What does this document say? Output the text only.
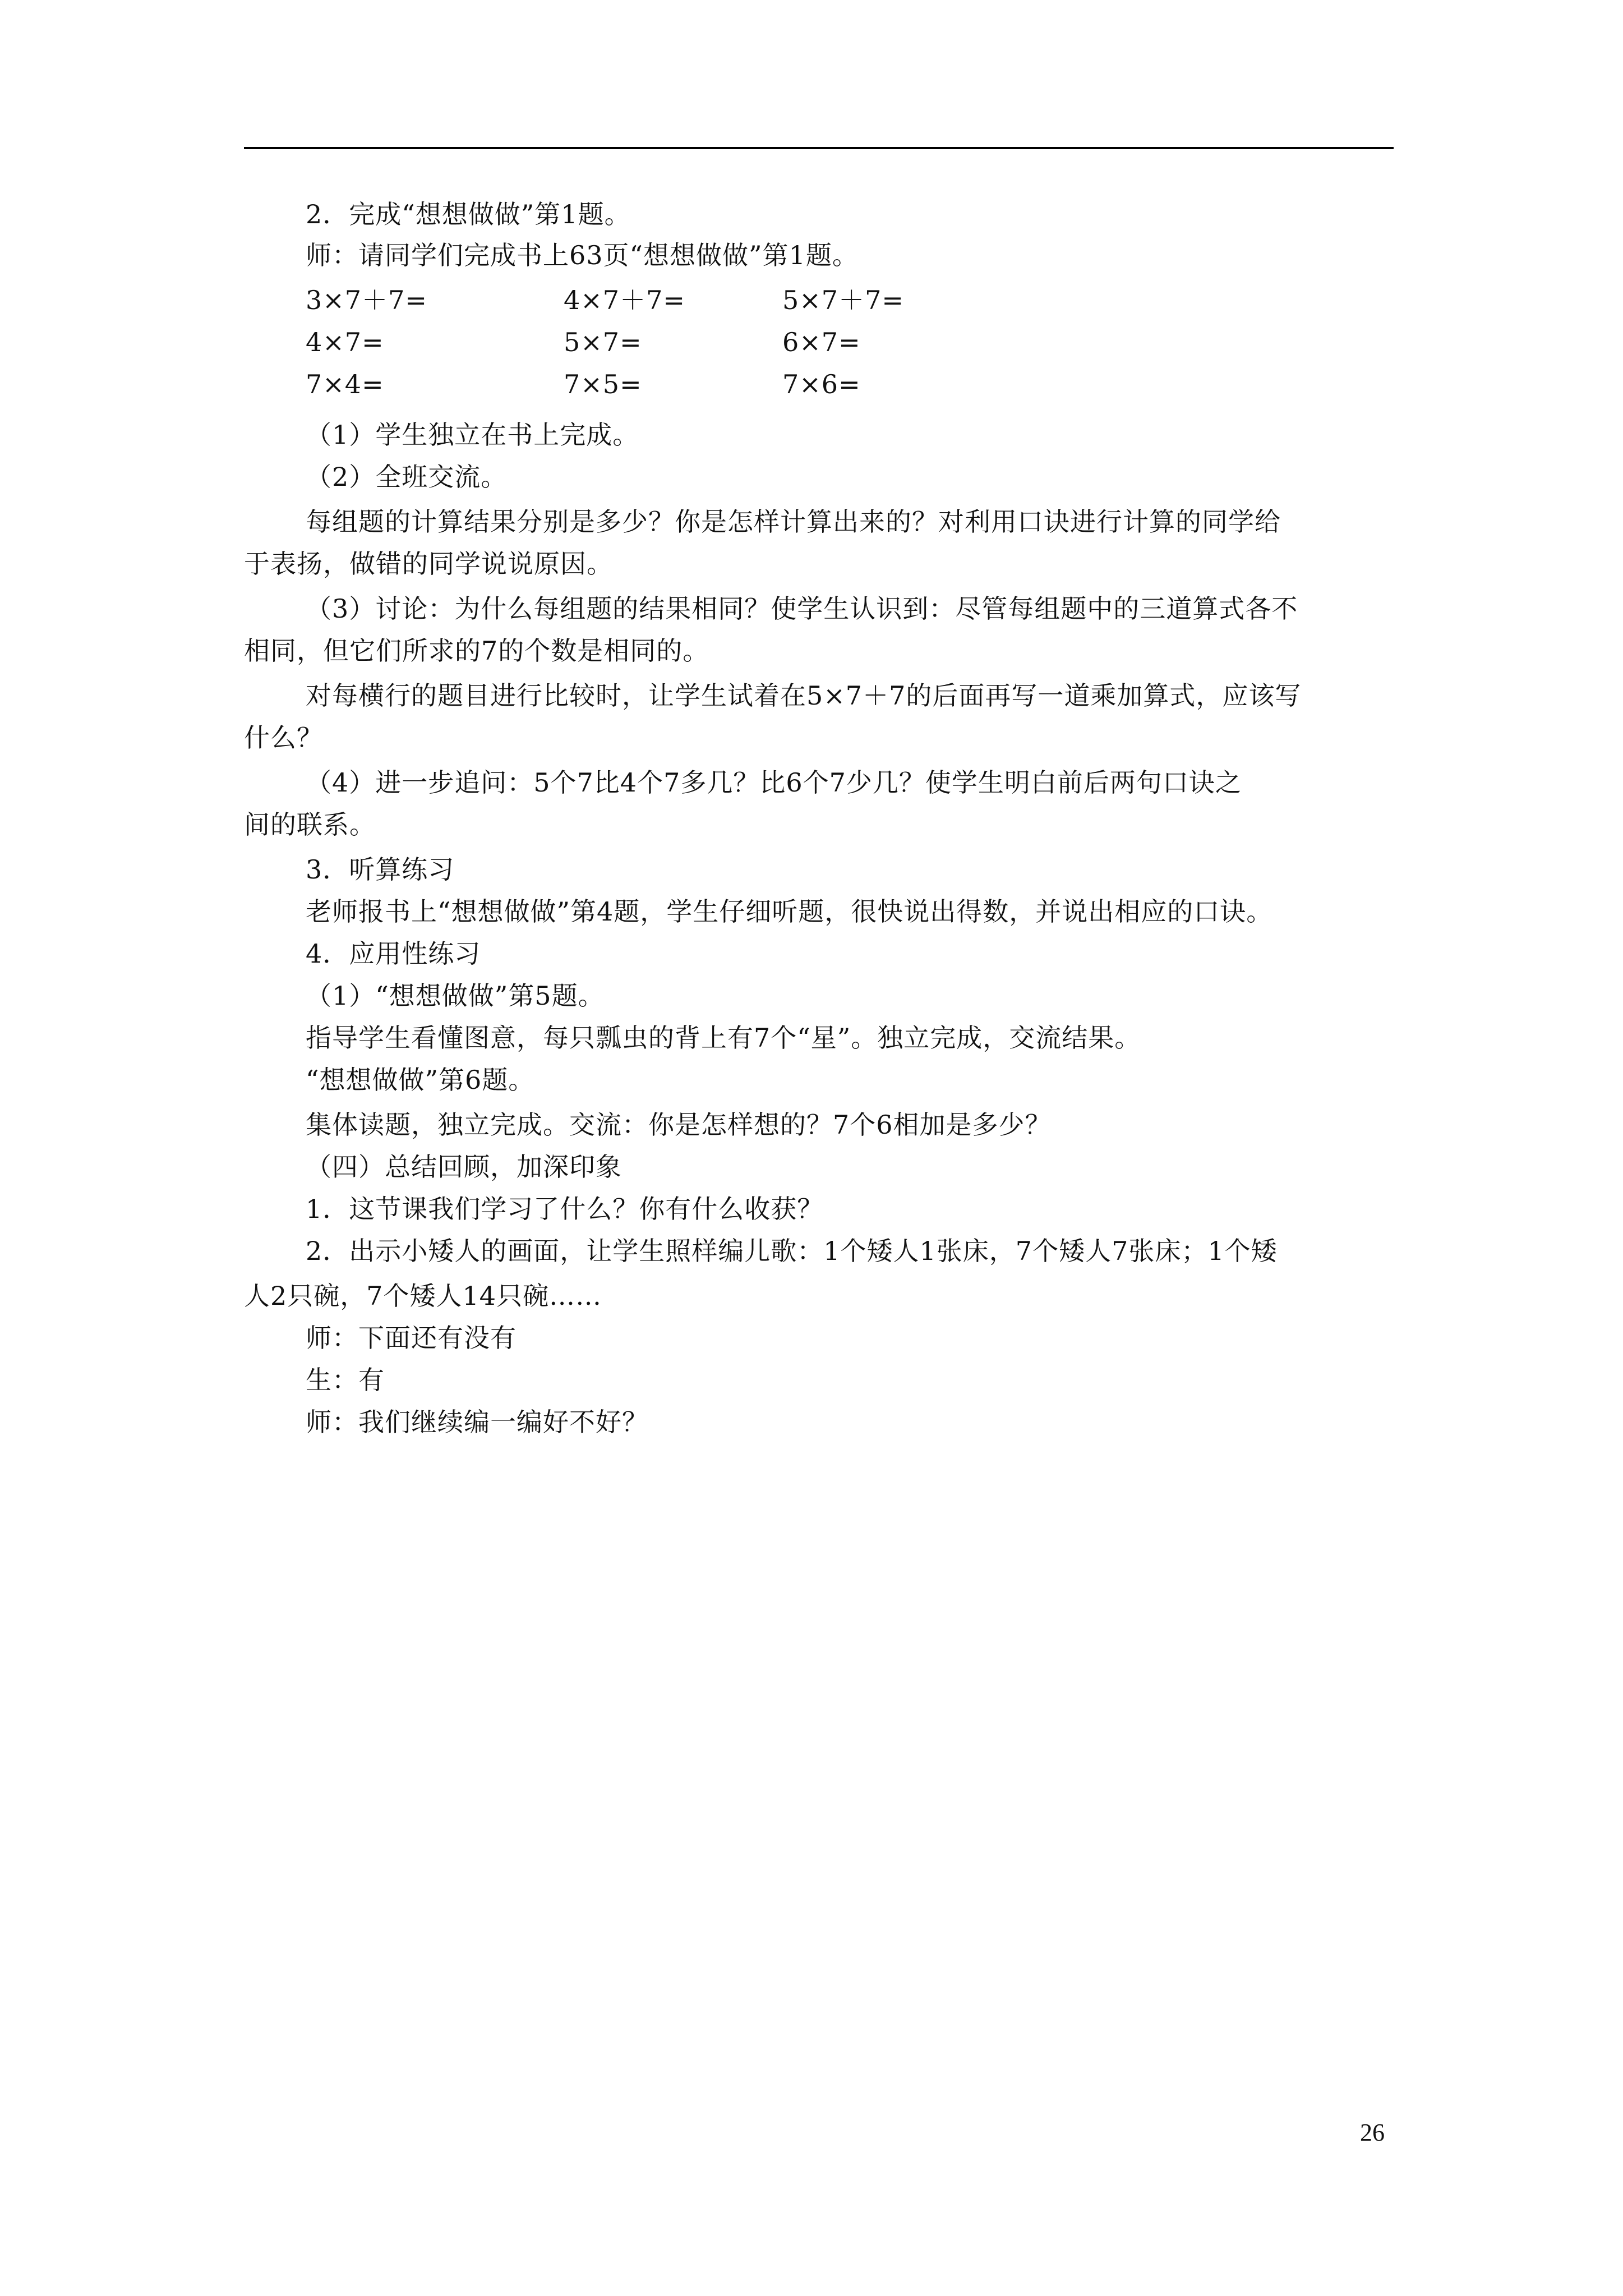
2．完成“想想做做”第1题。
师：请同学们完成书上63页“想想做做”第1题。
3×7＋7=	4×7＋7=	5×7＋7=
4×7=	5×7=	6×7=
7×4=	7×5=	7×6=
（1）学生独立在书上完成。
（2）全班交流。
每组题的计算结果分别是多少？你是怎样计算出来的？对利用口诀进行计算的同学给
于表扬，做错的同学说说原因。
（3）讨论：为什么每组题的结果相同？使学生认识到：尽管每组题中的三道算式各不
相同，但它们所求的7的个数是相同的。
对每横行的题目进行比较时，让学生试着在5×7＋7的后面再写一道乘加算式，应该写
什么？
（4）进一步追问：5个7比4个7多几？比6个7少几？使学生明白前后两句口诀之
间的联系。
3．听算练习
老师报书上“想想做做”第4题，学生仔细听题，很快说出得数，并说出相应的口诀。
4．应用性练习
（1）“想想做做”第5题。
指导学生看懂图意，每只瓢虫的背上有7个“星”。独立完成，交流结果。
“想想做做”第6题。
集体读题，独立完成。交流：你是怎样想的？7个6相加是多少？
（四）总结回顾，加深印象
1．这节课我们学习了什么？你有什么收获？
2．出示小矮人的画面，让学生照样编儿歌：1个矮人1张床，7个矮人7张床；1个矮
人2只碗，7个矮人14只碗……
师：下面还有没有
生：有
师：我们继续编一编好不好？
26
